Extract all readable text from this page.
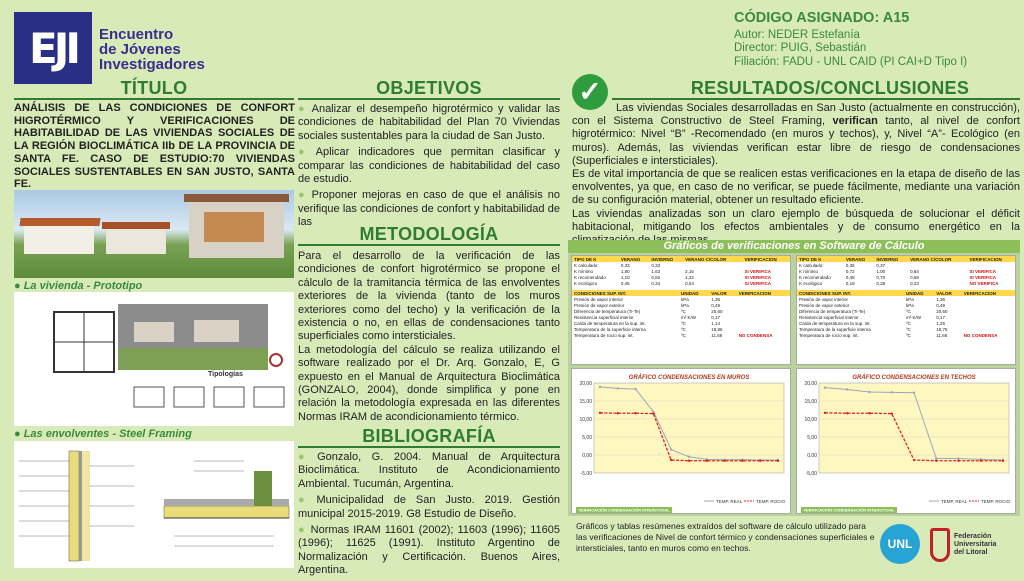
EJI Encuentro
de Jóvenes
Investigadores
CÓDIGO ASIGNADO: A15
Autor: NEDER Estefanía
Director: PUIG, Sebastián
Filiación: FADU - UNL CAID (PI CAI+D Tipo I)
TÍTULO
ANÁLISIS DE LAS CONDICIONES DE CONFORT HIGROTÉRMICO Y VERIFICACIONES DE HABITABILIDAD DE LAS VIVIENDAS SOCIALES DE LA REGIÓN BIOCLIMÁTICA IIb DE LA PROVINCIA DE SANTA FE. CASO DE ESTUDIO:70 VIVIENDAS SOCIALES SUSTENTABLES EN SAN JUSTO, SANTA FE.
● La vivienda - Prototipo
Tipologías
● Las envolventes - Steel Framing
OBJETIVOS
● Analizar el desempeño higrotérmico y validar las condiciones de habitabilidad del Plan 70 Viviendas sociales sustentables para la ciudad de San Justo.
● Aplicar indicadores que permitan clasificar y comparar las condiciones de habitabilidad del caso de estudio.
● Proponer mejoras en caso de que el análisis no verifique las condiciones de confort y habitabilidad de las
METODOLOGÍA
Para el desarrollo de la verificación de las condiciones de confort higrotérmico se propone el cálculo de la tramitancia térmica de las envolventes exteriores de la vivienda (tanto de los muros exteriores como del techo) y la verificación de la existencia o no, en ellas de condensaciones tanto superficiales como intersticiales.
La metodología del cálculo se realiza utilizando el software realizado por el Dr. Arq. Gonzalo, E, G expuesto en el Manual de Arquitectura Bioclimática (GONZALO, 2004), donde simplifica y pone en relación la metodología expresada en las diferentes Normas IRAM de acondicionamiento térmico.
BIBLIOGRAFÍA
● Gonzalo, G. 2004. Manual de Arquitectura Bioclimática. Instituto de Acondicionamiento Ambiental. Tucumán, Argentina.
● Municipalidad de San Justo. 2019. Gestión municipal 2015-2019. G8 Estudio de Diseño.
● Normas IRAM 11601 (2002); 11603 (1996); 11605 (1996); 11625 (1991). Instituto Argentino de Normalización y Certificación. Buenos Aires, Argentina.
✓	RESULTADOS/CONCLUSIONES
Las viviendas Sociales desarrolladas en San Justo (actualmente en construcción), con el Sistema Constructivo de Steel Framing, verifican tanto, al nivel de confort higrotérmico: Nivel “B” -Recomendado (en muros y techos), y, Nivel “A”- Ecológico (en muros). Además, las viviendas verifican estar libre de riesgo de condensaciones (Superficiales e intersticiales).
Es de vital importancia de que se realicen estas verificaciones en la etapa de diseño de las envolventes, ya que, en caso de no verificar, se puede fácilmente, mediante una variación de su configuración material, obtener un resultado eficiente.
Las viviendas analizadas son un claro ejemplo de búsqueda de solucionar el déficit habitacional, mitigando los efectos ambientales y de consumo energético en la
Gráficos de verificaciones en Software de Cálculo
TIPO DE K	VERANO	INVIERNO	VERANO C/COLOR	VERIFICACION
K calculado:	0,33	0,33		
K mínimo	1,80	1,63	2,16	SI VERIFICA
K recomendado	1,10	0,82	1,32	SI VERIFICA
K ecológico	0,45	0,34	0,54	SI VERIFICA
CONDICIONES SUP. INT.	UNIDAD	VALOR	VERIFICACION
Presión de vapor interior	kPa	1,36	
Presión de vapor exterior	kPa	0,49	
Diferencia de temperatura (Ti-Te)	ºC	20,60	
Resistencia superficial interior	m² K/W	0,17	
Caída de temperatura en la sup. int.	ºC	1,14	
Temperatura de la superficie interna	ºC	18,86	
Temperatura de rocío sup. int.	ºC	11,66	NO CONDENSA
TIPO DE K	VERANO	INVIERNO	VERANO C/COLOR	VERIFICACION
K calculado:	0,36	0,37		
K mínimo	0,72	1,00	0,84	SI VERIFICA
K recomendado	0,48	0,70	0,58	SI VERIFICA
K ecológico	0,18	0,28	0,23	NO VERIFICA
CONDICIONES SUP. INT.	UNIDAD	VALOR	VERIFICACION
Presión de vapor interior	kPa	1,36	
Presión de vapor exterior	kPa	0,49	
Diferencia de temperatura (Ti-Te)	ºC	20,60	
Resistencia superficial interior	m² K/W	0,17	
Caída de temperatura en la sup. int.	ºC	1,25	
Temperatura de la superficie interna	ºC	18,75	
Temperatura de rocío sup. int.	ºC	11,66	NO CONDENSA
GRÁFICO CONDENSACIONES EN MUROS
-5,00
0,00
5,00
10,00
15,00
20,00
TEMP. REAL	TEMP. ROCIO
VERIFICACIÓN CONDENSACIÓN INTERSTICIAL
GRÁFICO CONDENSACIONES EN TECHOS
-5,00
0,00
5,00
10,00
15,00
20,00
TEMP. REAL	TEMP. ROCIO
VERIFICACIÓN CONDENSACIÓN INTERSTICIAL
Gráficos y tablas resúmenes extraídos del software de cálculo utilizado para las verificaciones de Nivel de confort térmico y condensaciones superficiales e intersticiales, tanto en muros como en techos.	UNL
Federación
Universitaria
del Litoral
